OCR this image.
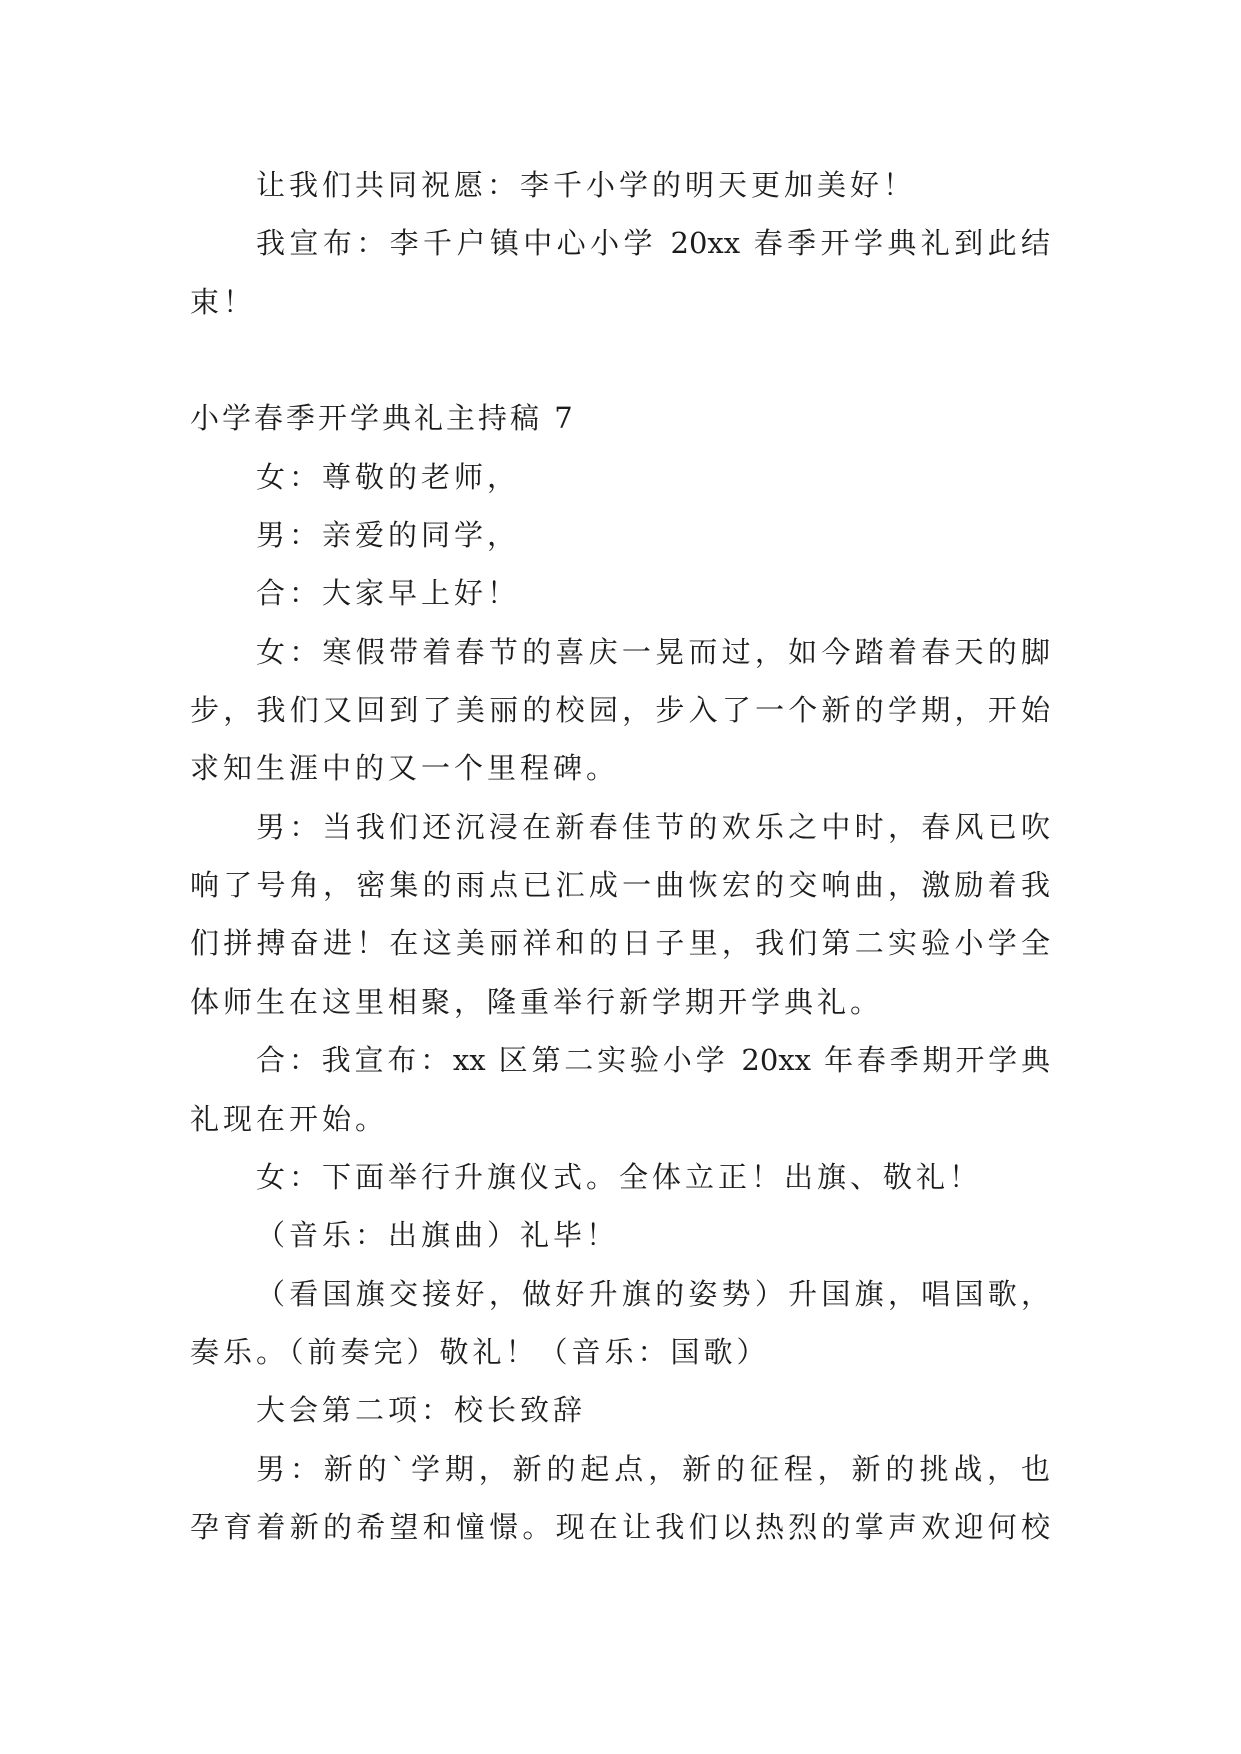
让我们共同祝愿：李千小学的明天更加美好！
我宣布：李千户镇中心小学 20xx 春季开学典礼到此结
束！
小学春季开学典礼主持稿 7
女：尊敬的老师，
男：亲爱的同学，
合：大家早上好！
女：寒假带着春节的喜庆一晃而过，如今踏着春天的脚
步，我们又回到了美丽的校园，步入了一个新的学期，开始
求知生涯中的又一个里程碑。
男：当我们还沉浸在新春佳节的欢乐之中时，春风已吹
响了号角，密集的雨点已汇成一曲恢宏的交响曲，激励着我
们拼搏奋进！在这美丽祥和的日子里，我们第二实验小学全
体师生在这里相聚，隆重举行新学期开学典礼。
合：我宣布：xx 区第二实验小学 20xx 年春季期开学典
礼现在开始。
女：下面举行升旗仪式。全体立正！出旗、敬礼！
（音乐：出旗曲）礼毕！
（看国旗交接好，做好升旗的姿势）升国旗，唱国歌，
奏乐。（前奏完）敬礼！（音乐：国歌）
大会第二项：校长致辞
男：新的`学期，新的起点，新的征程，新的挑战，也
孕育着新的希望和憧憬。现在让我们以热烈的掌声欢迎何校
